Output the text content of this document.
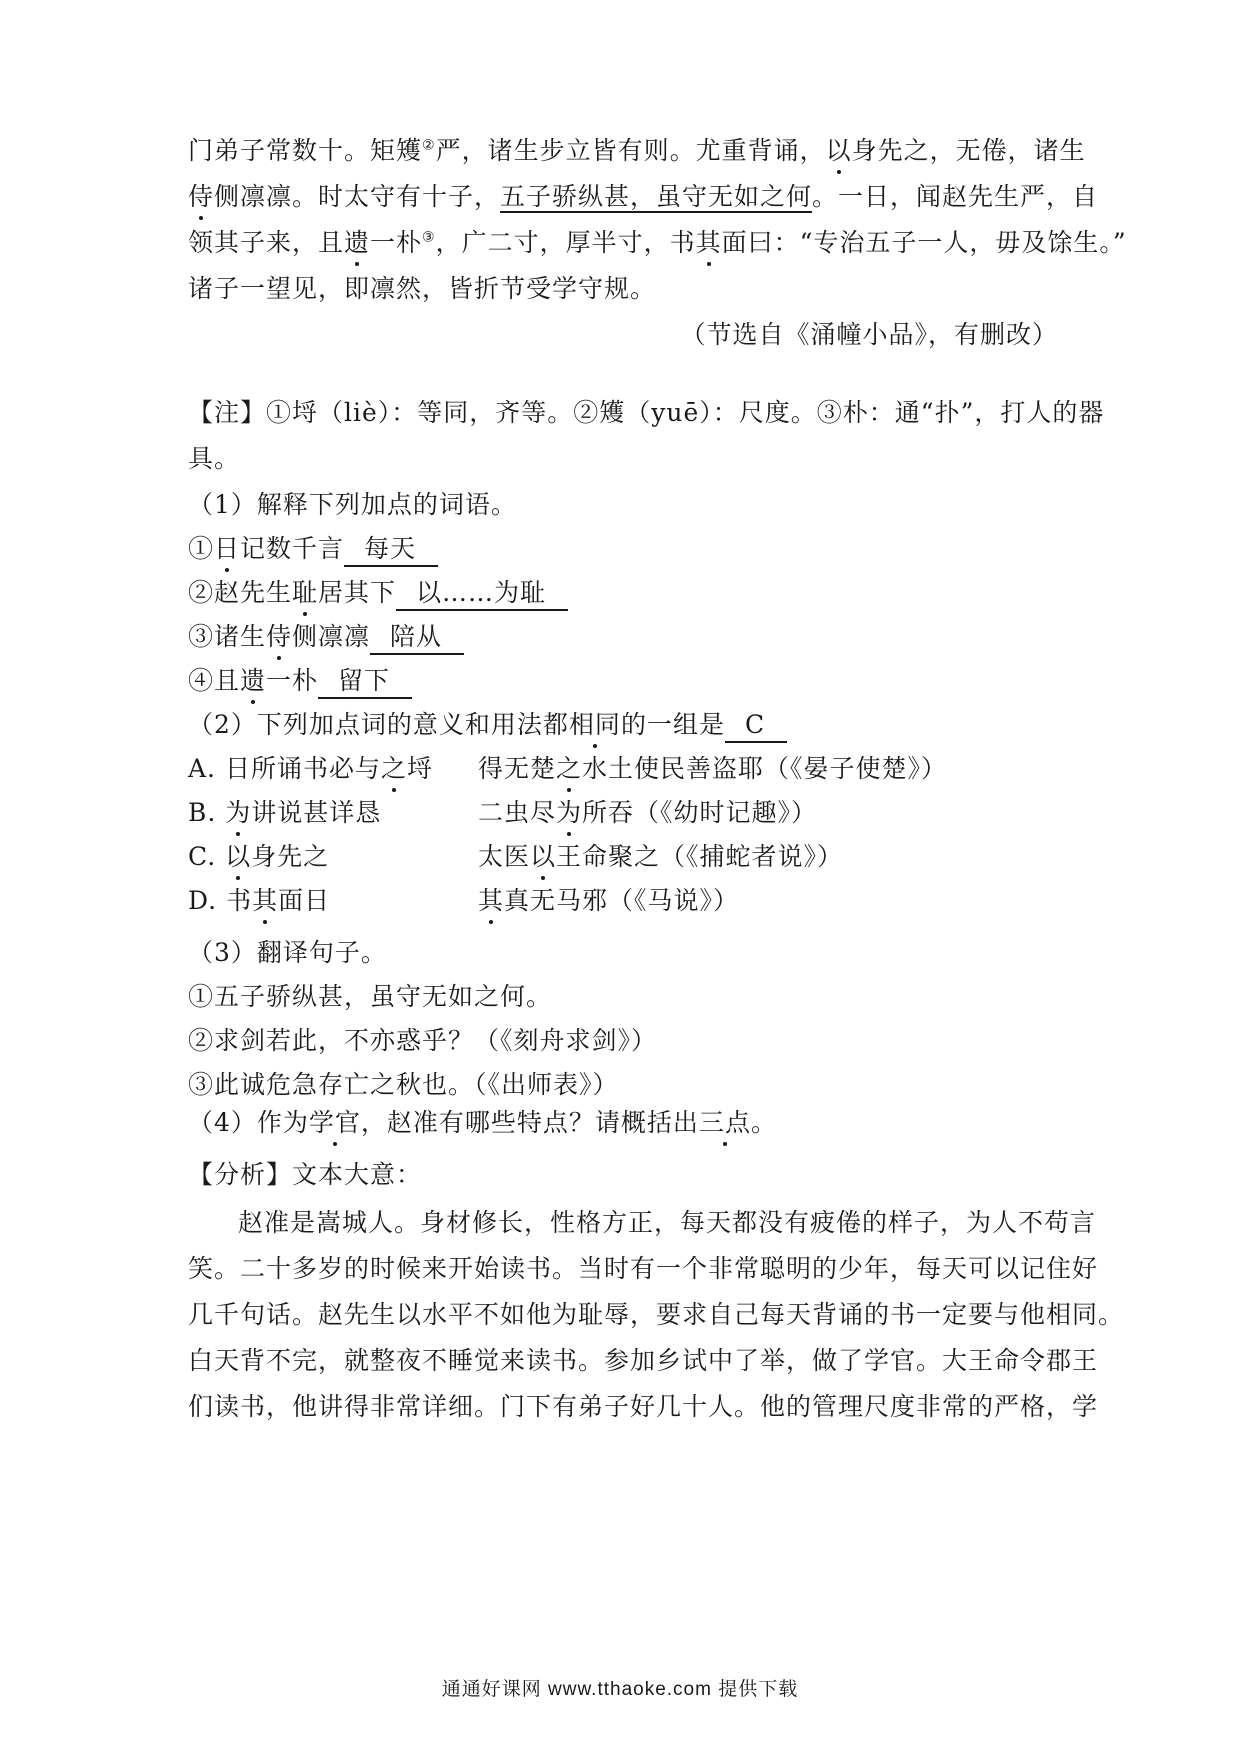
门弟子常数十。矩矱②严，诸生步立皆有则。尤重背诵，以身先之，无倦，诸生
侍侧凛凛。时太守有十子，五子骄纵甚，虽守无如之何。一日，闻赵先生严，自
领其子来，且遗一朴③，广二寸，厚半寸，书其面曰：“专治五子一人，毋及馀生。”
诸子一望见，即凛然，皆折节受学守规。
（节选自《涌幢小品》，有删改）
【注】①埒（liè）：等同，齐等。②矱（yuē）：尺度。③朴：通“扑”，打人的器
具。
（1）解释下列加点的词语。
①日记数千言 每天
②赵先生耻居其下 以……为耻
③诸生侍侧凛凛 陪从
④且遗一朴 留下
（2）下列加点词的意义和用法都相同的一组是 C
A. 日所诵书必与之埒 得无楚之水土使民善盗耶（《晏子使楚》）
B. 为讲说甚详恳	二虫尽为所吞（《幼时记趣》）
C. 以身先之	太医以王命聚之（《捕蛇者说》）
D. 书其面日	其真无马邪（《马说》）
（3）翻译句子。
①五子骄纵甚，虽守无如之何。
②求剑若此，不亦惑乎？（《刻舟求剑》）
③此诚危急存亡之秋也。（《出师表》）
（4）作为学官，赵准有哪些特点？请概括出三点。
【分析】文本大意：
赵准是嵩城人。身材修长，性格方正，每天都没有疲倦的样子，为人不苟言
笑。二十多岁的时候来开始读书。当时有一个非常聪明的少年，每天可以记住好
几千句话。赵先生以水平不如他为耻辱，要求自己每天背诵的书一定要与他相同。
白天背不完，就整夜不睡觉来读书。参加乡试中了举，做了学官。大王命令郡王
们读书，他讲得非常详细。门下有弟子好几十人。他的管理尺度非常的严格，学
通通好课网 www.tthaoke.com 提供下载
